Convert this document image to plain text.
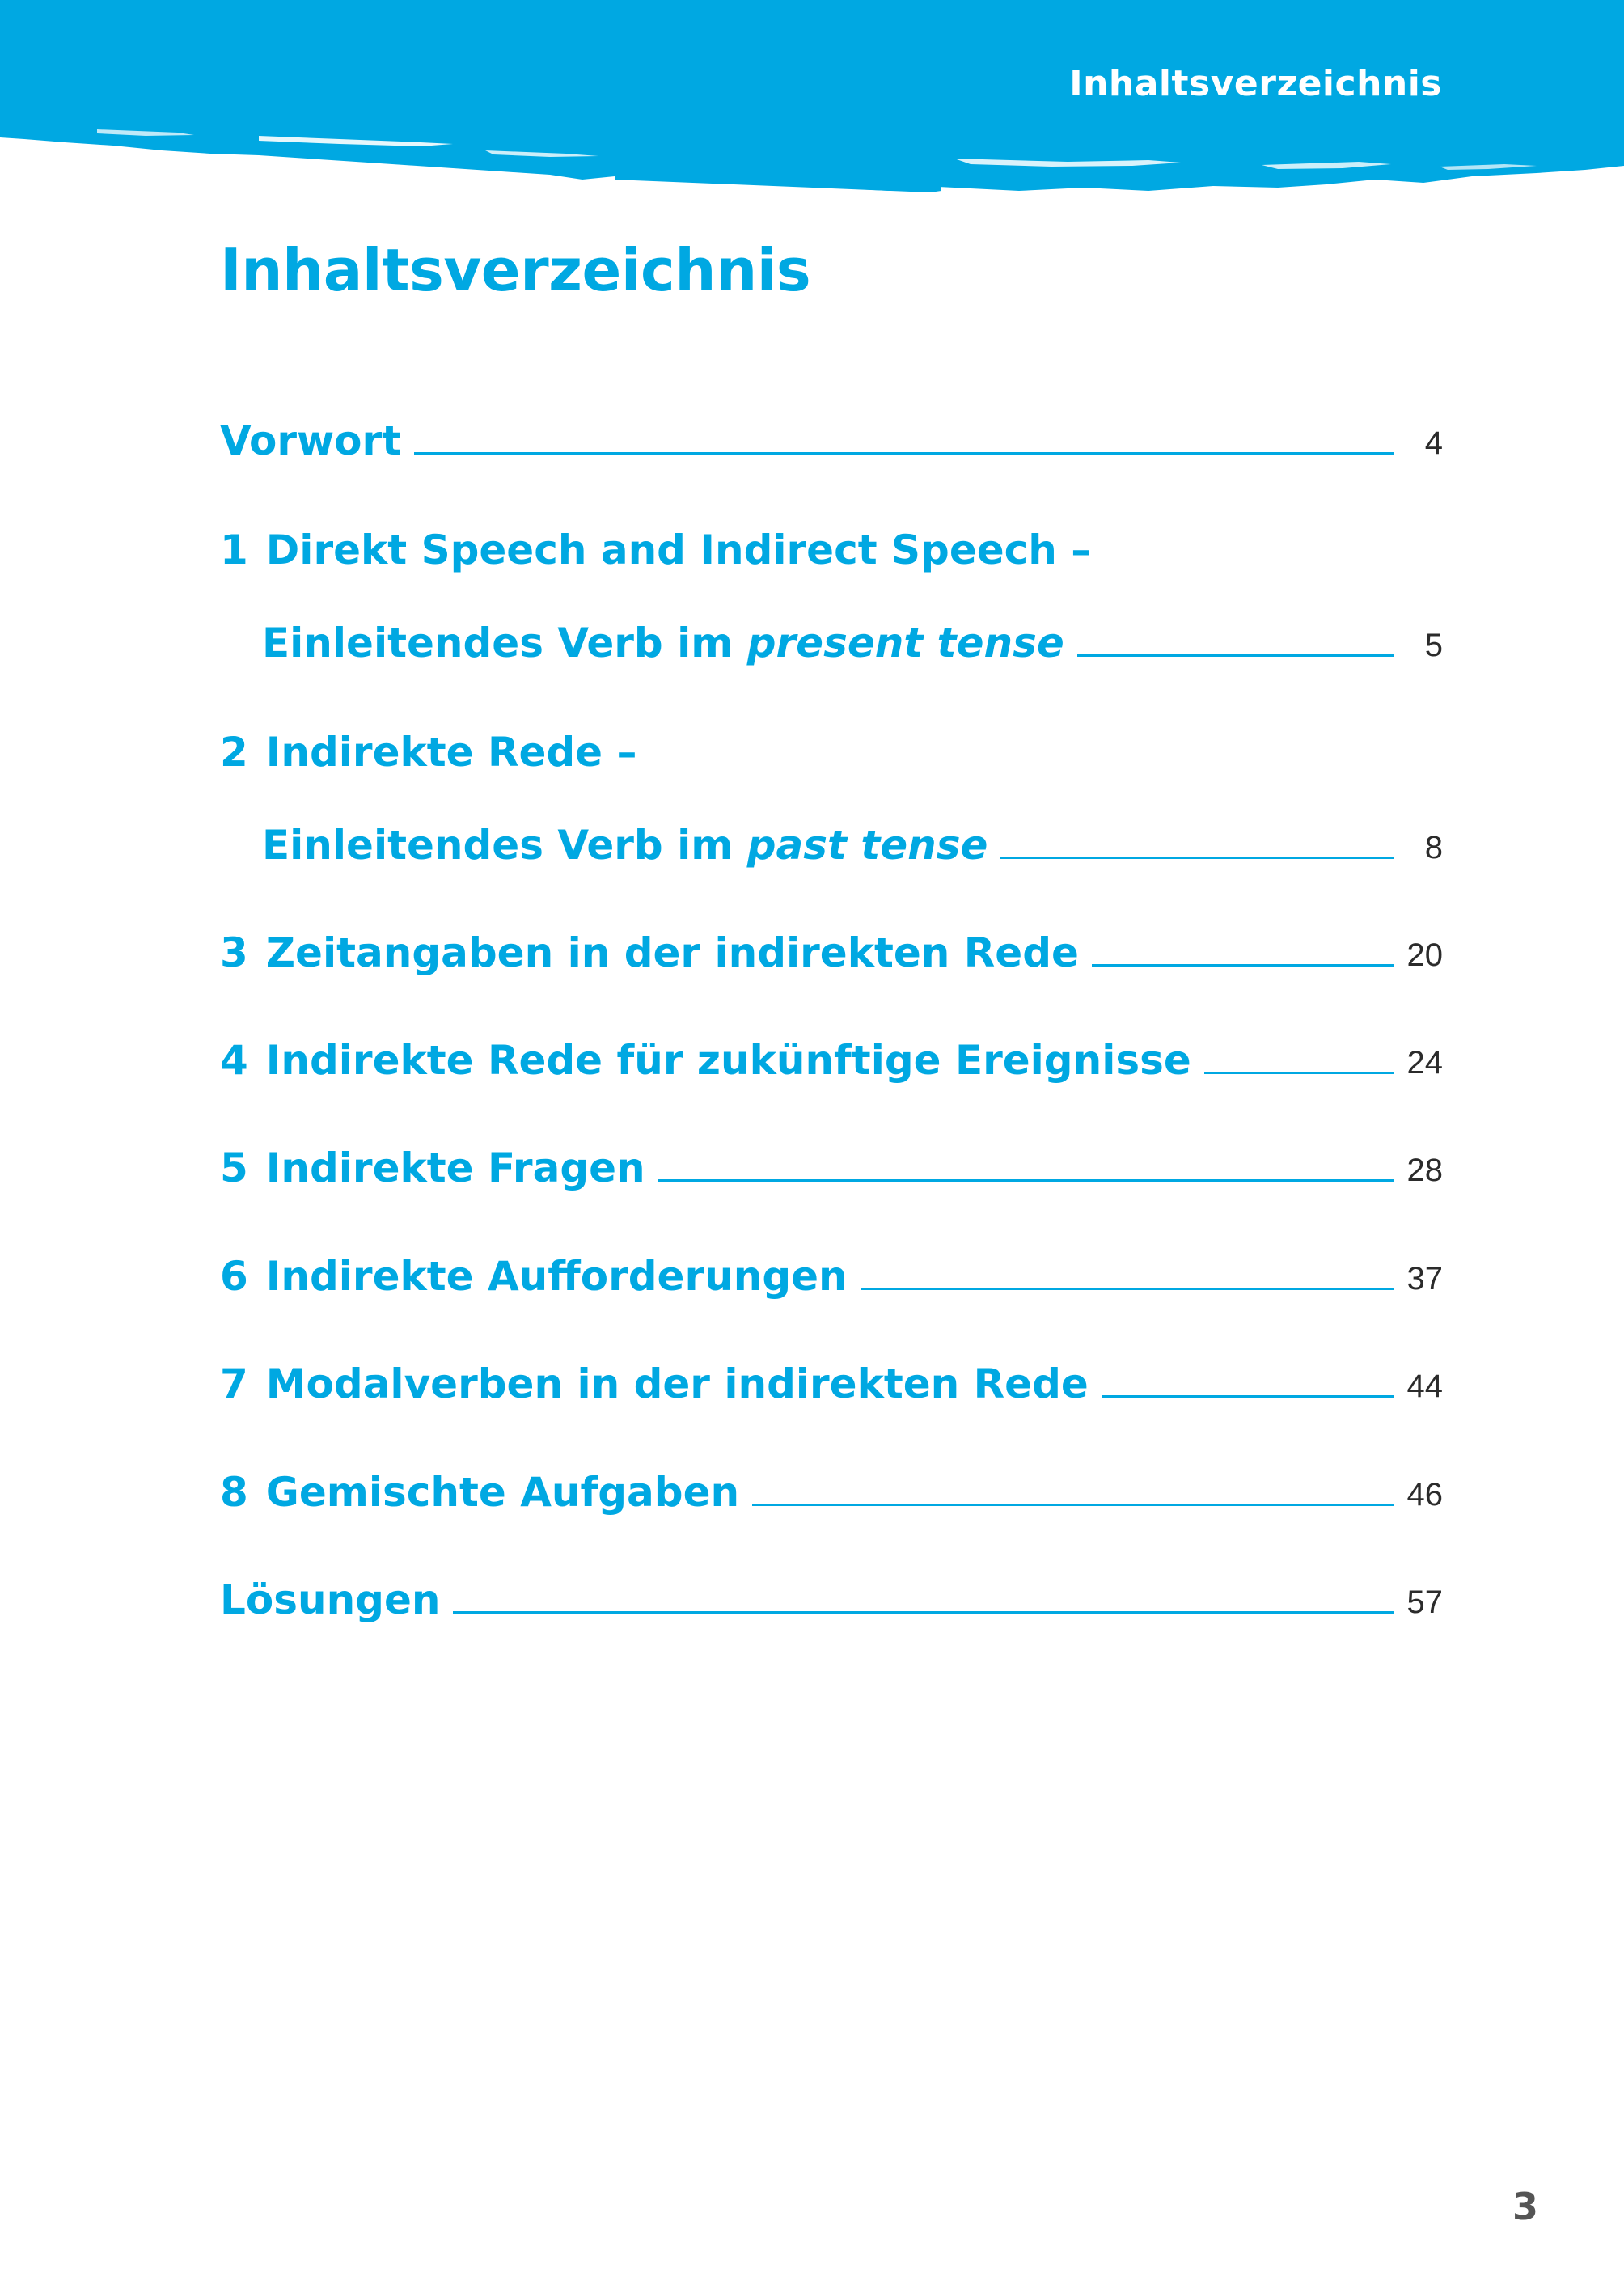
Inhaltsverzeichnis
Inhaltsverzeichnis
Vorwort	4
1 Direkt Speech and Indirect Speech –
Einleitendes Verb im present tense	5
2 Indirekte Rede –
Einleitendes Verb im past tense	8
3 Zeitangaben in der indirekten Rede	20
4 Indirekte Rede für zukünftige Ereignisse	24
5 Indirekte Fragen	28
6 Indirekte Aufforderungen	37
7 Modalverben in der indirekten Rede	44
8 Gemischte Aufgaben	46
Lösungen	57
3
